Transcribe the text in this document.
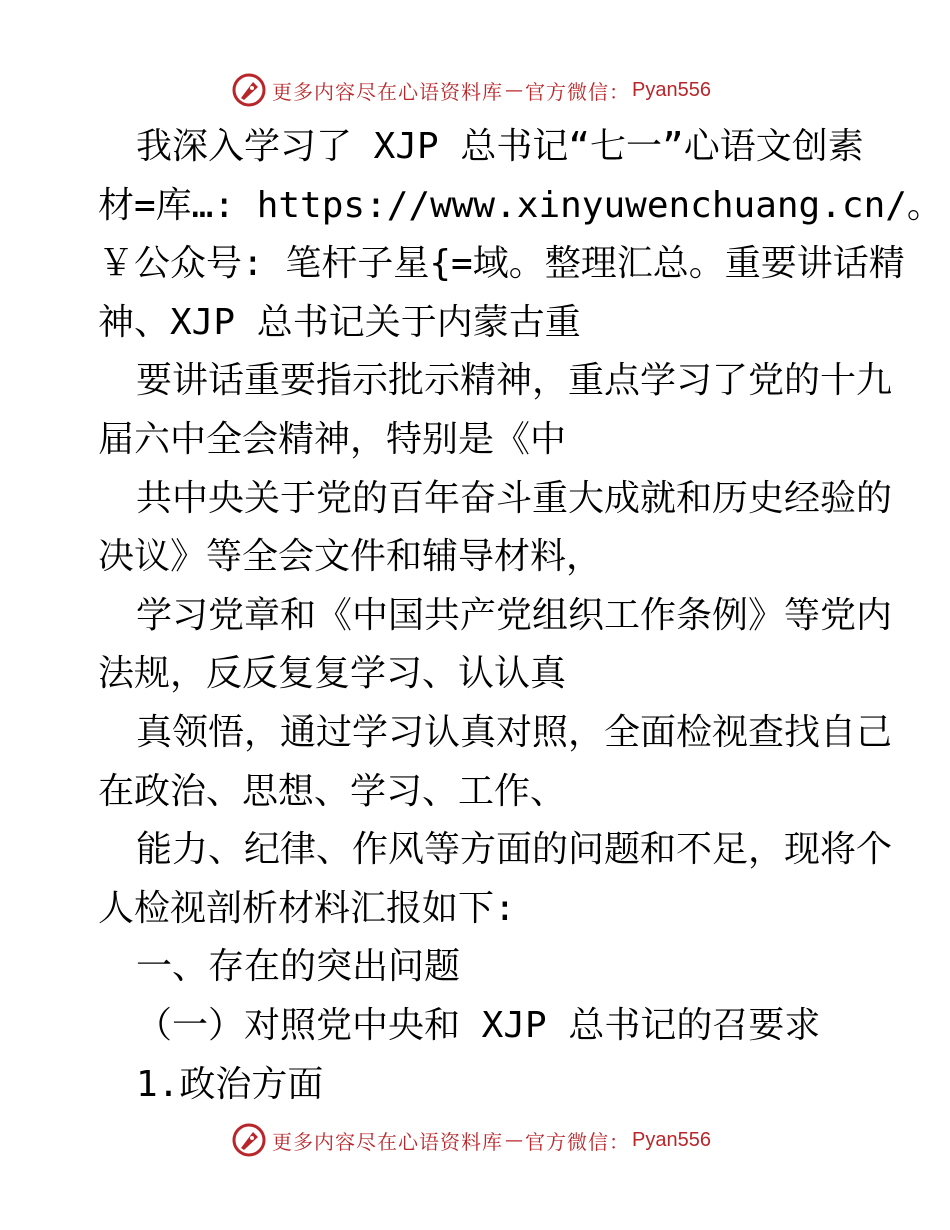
更多内容尽在心语资料库 — 官方微信： Pyan556
我深入学习了 XJP 总书记“七一”心语文创素
材=库…: https://www.xinyuwenchuang.cn/。
￥公众号: 笔杆子星{=域。整理汇总。重要讲话精
神、XJP 总书记关于内蒙古重
要讲话重要指示批示精神，重点学习了党的十九
届六中全会精神，特别是《中
共中央关于党的百年奋斗重大成就和历史经验的
决议》等全会文件和辅导材料，
学习党章和《中国共产党组织工作条例》等党内
法规，反反复复学习、认认真
真领悟，通过学习认真对照，全面检视查找自己
在政治、思想、学习、工作、
能力、纪律、作风等方面的问题和不足，现将个
人检视剖析材料汇报如下:
一、存在的突出问题
（一）对照党中央和 XJP 总书记的召要求
1.政治方面
更多内容尽在心语资料库 — 官方微信： Pyan556
